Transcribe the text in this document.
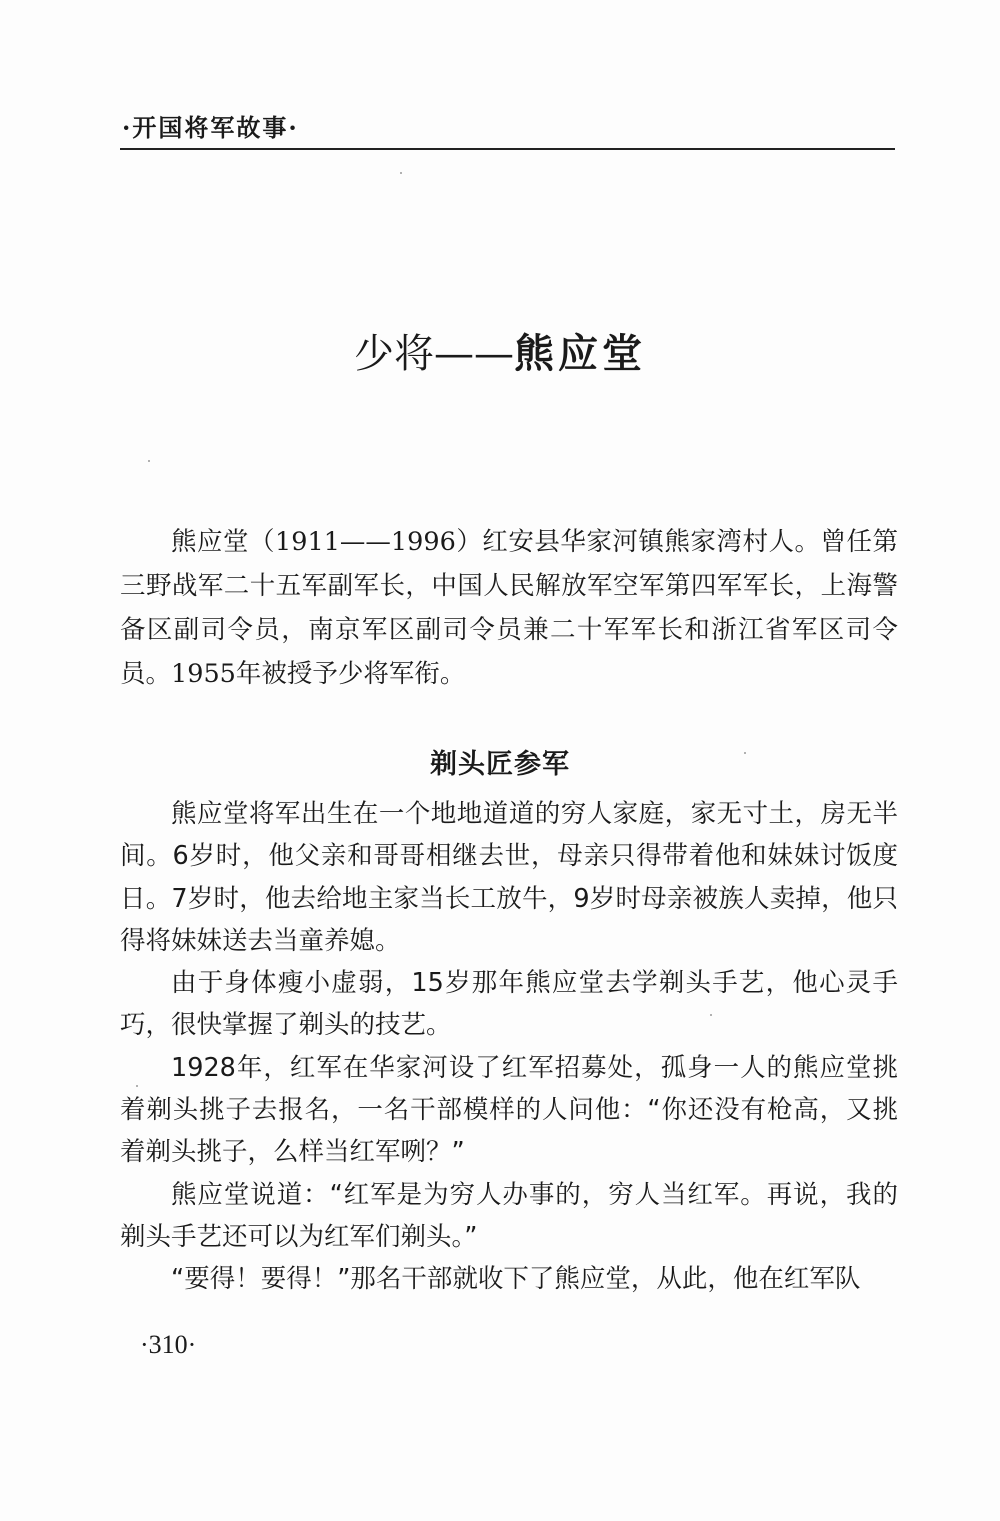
·开国将军故事·
少将——熊应堂

熊应堂（1911——1996）红安县华家河镇熊家湾村人。曾任第三野战军二十五军副军长，中国人民解放军空军第四军军长，上海警备区副司令员，南京军区副司令员兼二十军军长和浙江省军区司令员。1955年被授予少将军衔。

剃头匠参军

熊应堂将军出生在一个地地道道的穷人家庭，家无寸土，房无半间。6岁时，他父亲和哥哥相继去世，母亲只得带着他和妹妹讨饭度日。7岁时，他去给地主家当长工放牛，9岁时母亲被族人卖掉，他只得将妹妹送去当童养媳。

由于身体瘦小虚弱，15岁那年熊应堂去学剃头手艺，他心灵手巧，很快掌握了剃头的技艺。

1928年，红军在华家河设了红军招募处，孤身一人的熊应堂挑着剃头挑子去报名，一名干部模样的人问他：“你还没有枪高，又挑着剃头挑子，么样当红军咧？”

熊应堂说道：“红军是为穷人办事的，穷人当红军。再说，我的剃头手艺还可以为红军们剃头。”

“要得！要得！”那名干部就收下了熊应堂，从此，他在红军队

·310·
